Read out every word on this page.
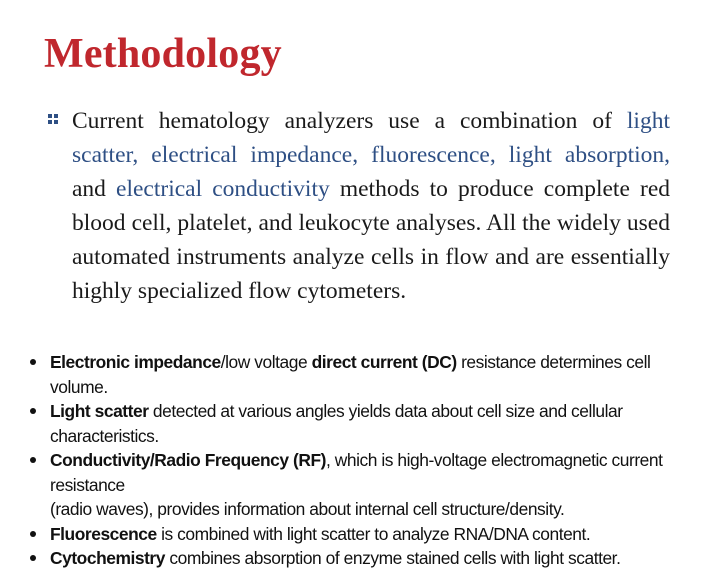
Methodology
Current hematology analyzers use a combination of light scatter, electrical impedance, fluorescence, light absorption, and electrical conductivity methods to produce complete red blood cell, platelet, and leukocyte analyses. All the widely used automated instruments analyze cells in flow and are essentially highly specialized flow cytometers.
Electronic impedance/low voltage direct current (DC) resistance determines cell volume.
Light scatter detected at various angles yields data about cell size and cellular characteristics.
Conductivity/Radio Frequency (RF), which is high-voltage electromagnetic current resistance
(radio waves), provides information about internal cell structure/density.
Fluorescence is combined with light scatter to analyze RNA/DNA content.
Cytochemistry combines absorption of enzyme stained cells with light scatter.
